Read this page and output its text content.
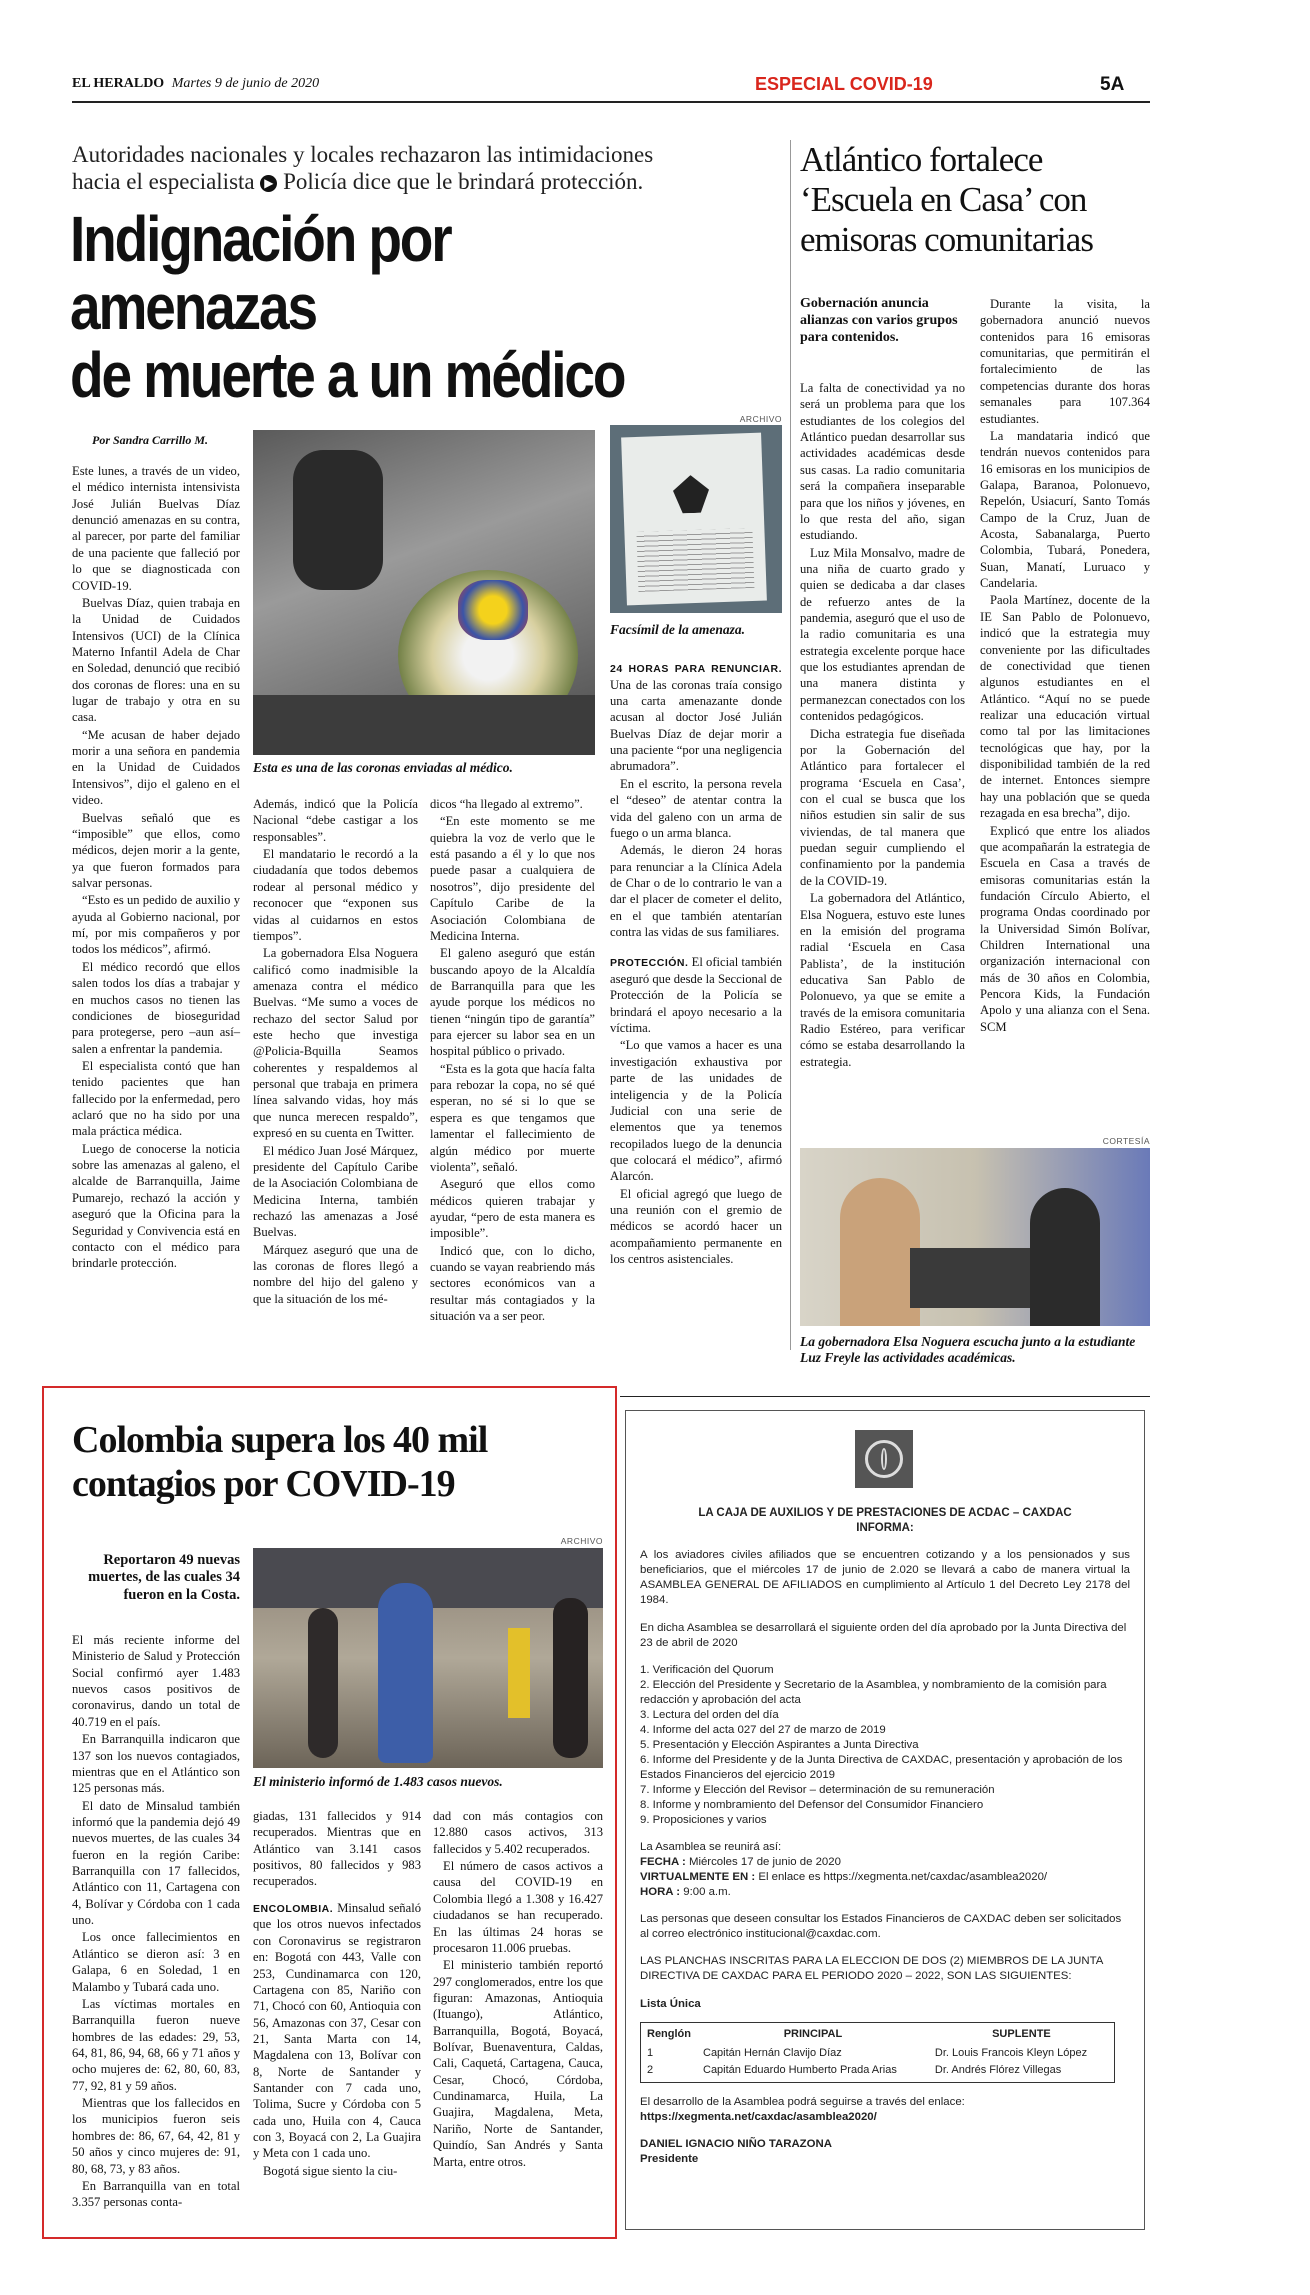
EL HERALDO Martes 9 de junio de 2020	ESPECIAL COVID-19	5A
Autoridades nacionales y locales rechazaron las intimidaciones
hacia el especialista ▶ Policía dice que le brindará protección.
Indignación por amenazas
de muerte a un médico
Por Sandra Carrillo M.

Este lunes, a través de un video, el médico internista intensivista José Julián Buelvas Díaz denunció amenazas en su contra, al parecer, por parte del familiar de una paciente que falleció por lo que se diagnosticada con COVID-19.

Buelvas Díaz, quien trabaja en la Unidad de Cuidados Intensivos (UCI) de la Clínica Materno Infantil Adela de Char en Soledad, denunció que recibió dos coronas de flores: una en su lugar de trabajo y otra en su casa.

“Me acusan de haber dejado morir a una señora en pandemia en la Unidad de Cuidados Intensivos”, dijo el galeno en el video.

Buelvas señaló que es “imposible” que ellos, como médicos, dejen morir a la gente, ya que fueron formados para salvar personas.

“Esto es un pedido de auxilio y ayuda al Gobierno nacional, por mí, por mis compañeros y por todos los médicos”, afirmó.

El médico recordó que ellos salen todos los días a trabajar y en muchos casos no tienen las condiciones de bioseguridad para protegerse, pero –aun así– salen a enfrentar la pandemia.

El especialista contó que han tenido pacientes que han fallecido por la enfermedad, pero aclaró que no ha sido por una mala práctica médica.

Luego de conocerse la noticia sobre las amenazas al galeno, el alcalde de Barranquilla, Jaime Pumarejo, rechazó la acción y aseguró que la Oficina para la Seguridad y Convivencia está en contacto con el médico para brindarle protección.

Esta es una de las coronas enviadas al médico.
ARCHIVO
Facsímil de la amenaza.

Además, indicó que la Policía Nacional “debe castigar a los responsables”.

El mandatario le recordó a la ciudadanía que todos debemos rodear al personal médico y reconocer que “exponen sus vidas al cuidarnos en estos tiempos”.

La gobernadora Elsa Noguera calificó como inadmisible la amenaza contra el médico Buelvas. “Me sumo a voces de rechazo del sector Salud por este hecho que investiga @Policia-Bquilla Seamos coherentes y respaldemos al personal que trabaja en primera línea salvando vidas, hoy más que nunca merecen respaldo”, expresó en su cuenta en Twitter.

El médico Juan José Márquez, presidente del Capítulo Caribe de la Asociación Colombiana de Medicina Interna, también rechazó las amenazas a José Buelvas.

Márquez aseguró que una de las coronas de flores llegó a nombre del hijo del galeno y que la situación de los mé-

dicos “ha llegado al extremo”.

“En este momento se me quiebra la voz de verlo que le está pasando a él y lo que nos puede pasar a cualquiera de nosotros”, dijo presidente del Capítulo Caribe de la Asociación Colombiana de Medicina Interna.

El galeno aseguró que están buscando apoyo de la Alcaldía de Barranquilla para que les ayude porque los médicos no tienen “ningún tipo de garantía” para ejercer su labor sea en un hospital público o privado.

“Esta es la gota que hacía falta para rebozar la copa, no sé qué esperan, no sé si lo que se espera es que tengamos que lamentar el fallecimiento de algún médico por muerte violenta”, señaló.

Aseguró que ellos como médicos quieren trabajar y ayudar, “pero de esta manera es imposible”.

Indicó que, con lo dicho, cuando se vayan reabriendo más sectores económicos van a resultar más contagiados y la situación va a ser peor.

24 HORAS PARA RENUNCIAR. Una de las coronas traía consigo una carta amenazante donde acusan al doctor José Julián Buelvas Díaz de dejar morir a una paciente “por una negligencia abrumadora”.

En el escrito, la persona revela el “deseo” de atentar contra la vida del galeno con un arma de fuego o un arma blanca.

Además, le dieron 24 horas para renunciar a la Clínica Adela de Char o de lo contrario le van a dar el placer de cometer el delito, en el que también atentarían contra las vidas de sus familiares.

PROTECCIÓN. El oficial también aseguró que desde la Seccional de Protección de la Policía se brindará el apoyo necesario a la víctima.

“Lo que vamos a hacer es una investigación exhaustiva por parte de las unidades de inteligencia y de la Policía Judicial con una serie de elementos que ya tenemos recopilados luego de la denuncia que colocará el médico”, afirmó Alarcón.

El oficial agregó que luego de una reunión con el gremio de médicos se acordó hacer un acompañamiento permanente en los centros asistenciales.

Atlántico fortalece
‘Escuela en Casa’ con
emisoras comunitarias
Gobernación anuncia alianzas con varios grupos para contenidos.

La falta de conectividad ya no será un problema para que los estudiantes de los colegios del Atlántico puedan desarrollar sus actividades académicas desde sus casas. La radio comunitaria será la compañera inseparable para que los niños y jóvenes, en lo que resta del año, sigan estudiando.

Luz Mila Monsalvo, madre de una niña de cuarto grado y quien se dedicaba a dar clases de refuerzo antes de la pandemia, aseguró que el uso de la radio comunitaria es una estrategia excelente porque hace que los estudiantes aprendan de una manera distinta y permanezcan conectados con los contenidos pedagógicos.

Dicha estrategia fue diseñada por la Gobernación del Atlántico para fortalecer el programa ‘Escuela en Casa’, con el cual se busca que los niños estudien sin salir de sus viviendas, de tal manera que puedan seguir cumpliendo el confinamiento por la pandemia de la COVID-19.

La gobernadora del Atlántico, Elsa Noguera, estuvo este lunes en la emisión del programa radial ‘Escuela en Casa Pablista’, de la institución educativa San Pablo de Polonuevo, ya que se emite a través de la emisora comunitaria Radio Estéreo, para verificar cómo se estaba desarrollando la estrategia.

Durante la visita, la gobernadora anunció nuevos contenidos para 16 emisoras comunitarias, que permitirán el fortalecimiento de las competencias durante dos horas semanales para 107.364 estudiantes.

La mandataria indicó que tendrán nuevos contenidos para 16 emisoras en los municipios de Galapa, Baranoa, Polonuevo, Repelón, Usiacurí, Santo Tomás Campo de la Cruz, Juan de Acosta, Sabanalarga, Puerto Colombia, Tubará, Ponedera, Suan, Manatí, Luruaco y Candelaria.

Paola Martínez, docente de la IE San Pablo de Polonuevo, indicó que la estrategia muy conveniente por las dificultades de conectividad que tienen algunos estudiantes en el Atlántico. “Aquí no se puede realizar una educación virtual como tal por las limitaciones tecnológicas que hay, por la disponibilidad también de la red de internet. Entonces siempre hay una población que se queda rezagada en esa brecha”, dijo.

Explicó que entre los aliados que acompañarán la estrategia de Escuela en Casa a través de emisoras comunitarias están la fundación Círculo Abierto, el programa Ondas coordinado por la Universidad Simón Bolívar, Children International una organización internacional con más de 30 años en Colombia, Pencora Kids, la Fundación Apolo y una alianza con el Sena. SCM

CORTESÍA
La gobernadora Elsa Noguera escucha junto a la estudiante Luz Freyle las actividades académicas.
Colombia supera los 40 mil
contagios por COVID-19
Reportaron 49 nuevas muertes, de las cuales 34 fueron en la Costa.
ARCHIVO
El ministerio informó de 1.483 casos nuevos.

El más reciente informe del Ministerio de Salud y Protección Social confirmó ayer 1.483 nuevos casos positivos de coronavirus, dando un total de 40.719 en el país.

En Barranquilla indicaron que 137 son los nuevos contagiados, mientras que en el Atlántico son 125 personas más.

El dato de Minsalud también informó que la pandemia dejó 49 nuevos muertes, de las cuales 34 fueron en la región Caribe: Barranquilla con 17 fallecidos, Atlántico con 11, Cartagena con 4, Bolívar y Córdoba con 1 cada uno.

Los once fallecimientos en Atlántico se dieron así: 3 en Galapa, 6 en Soledad, 1 en Malambo y Tubará cada uno.

Las víctimas mortales en Barranquilla fueron nueve hombres de las edades: 29, 53, 64, 81, 86, 94, 68, 66 y 71 años y ocho mujeres de: 62, 80, 60, 83, 77, 92, 81 y 59 años.

Mientras que los fallecidos en los municipios fueron seis hombres de: 86, 67, 64, 42, 81 y 50 años y cinco mujeres de: 91, 80, 68, 73, y 83 años.

En Barranquilla van en total 3.357 personas conta-

giadas, 131 fallecidos y 914 recuperados. Mientras que en Atlántico van 3.141 casos positivos, 80 fallecidos y 983 recuperados.

ENCOLOMBIA. Minsalud señaló que los otros nuevos infectados con Coronavirus se registraron en: Bogotá con 443, Valle con 253, Cundinamarca con 120, Cartagena con 85, Nariño con 71, Chocó con 60, Antioquia con 56, Amazonas con 37, Cesar con 21, Santa Marta con 14, Magdalena con 13, Bolívar con 8, Norte de Santander y Santander con 7 cada uno, Tolima, Sucre y Córdoba con 5 cada uno, Huila con 4, Cauca con 3, Boyacá con 2, La Guajira y Meta con 1 cada uno.

Bogotá sigue siento la ciu-

dad con más contagios con 12.880 casos activos, 313 fallecidos y 5.402 recuperados.

El número de casos activos a causa del COVID-19 en Colombia llegó a 1.308 y 16.427 ciudadanos se han recuperado. En las últimas 24 horas se procesaron 11.006 pruebas.

El ministerio también reportó 297 conglomerados, entre los que figuran: Amazonas, Antioquia (Ituango), Atlántico, Barranquilla, Bogotá, Boyacá, Bolívar, Buenaventura, Caldas, Cali, Caquetá, Cartagena, Cauca, Cesar, Chocó, Córdoba, Cundinamarca, Huila, La Guajira, Magdalena, Meta, Nariño, Norte de Santander, Quindío, San Andrés y Santa Marta, entre otros.

LA CAJA DE AUXILIOS Y DE PRESTACIONES DE ACDAC – CAXDAC

INFORMA:

A los aviadores civiles afiliados que se encuentren cotizando y a los pensionados y sus beneficiarios, que el miércoles 17 de junio de 2.020 se llevará a cabo de manera virtual la ASAMBLEA GENERAL DE AFILIADOS en cumplimiento al Artículo 1 del Decreto Ley 2178 del 1984.

En dicha Asamblea se desarrollará el siguiente orden del día aprobado por la Junta Directiva del 23 de abril de 2020

1. Verificación del Quorum

2. Elección del Presidente y Secretario de la Asamblea, y nombramiento de la comisión para redacción y aprobación del acta

3. Lectura del orden del día

4. Informe del acta 027 del 27 de marzo de 2019

5. Presentación y Elección Aspirantes a Junta Directiva

6. Informe del Presidente y de la Junta Directiva de CAXDAC, presentación y aprobación de los Estados Financieros del ejercicio 2019

7. Informe y Elección del Revisor – determinación de su remuneración

8. Informe y nombramiento del Defensor del Consumidor Financiero

9. Proposiciones y varios

La Asamblea se reunirá así:

FECHA : Miércoles 17 de junio de 2020

VIRTUALMENTE EN : El enlace es https://xegmenta.net/caxdac/asamblea2020/

HORA : 9:00 a.m.

Las personas que deseen consultar los Estados Financieros de CAXDAC deben ser solicitados al correo electrónico institucional@caxdac.com.

LAS PLANCHAS INSCRITAS PARA LA ELECCION DE DOS (2) MIEMBROS DE LA JUNTA DIRECTIVA DE CAXDAC PARA EL PERIODO 2020 – 2022, SON LAS SIGUIENTES:

Lista Única

Renglón	PRINCIPAL	SUPLENTE
1	Capitán Hernán Clavijo Díaz	Dr. Louis Francois Kleyn López
2	Capitán Eduardo Humberto Prada Arias	Dr. Andrés Flórez Villegas

El desarrollo de la Asamblea podrá seguirse a través del enlace:

https://xegmenta.net/caxdac/asamblea2020/

DANIEL IGNACIO NIÑO TARAZONA

Presidente
